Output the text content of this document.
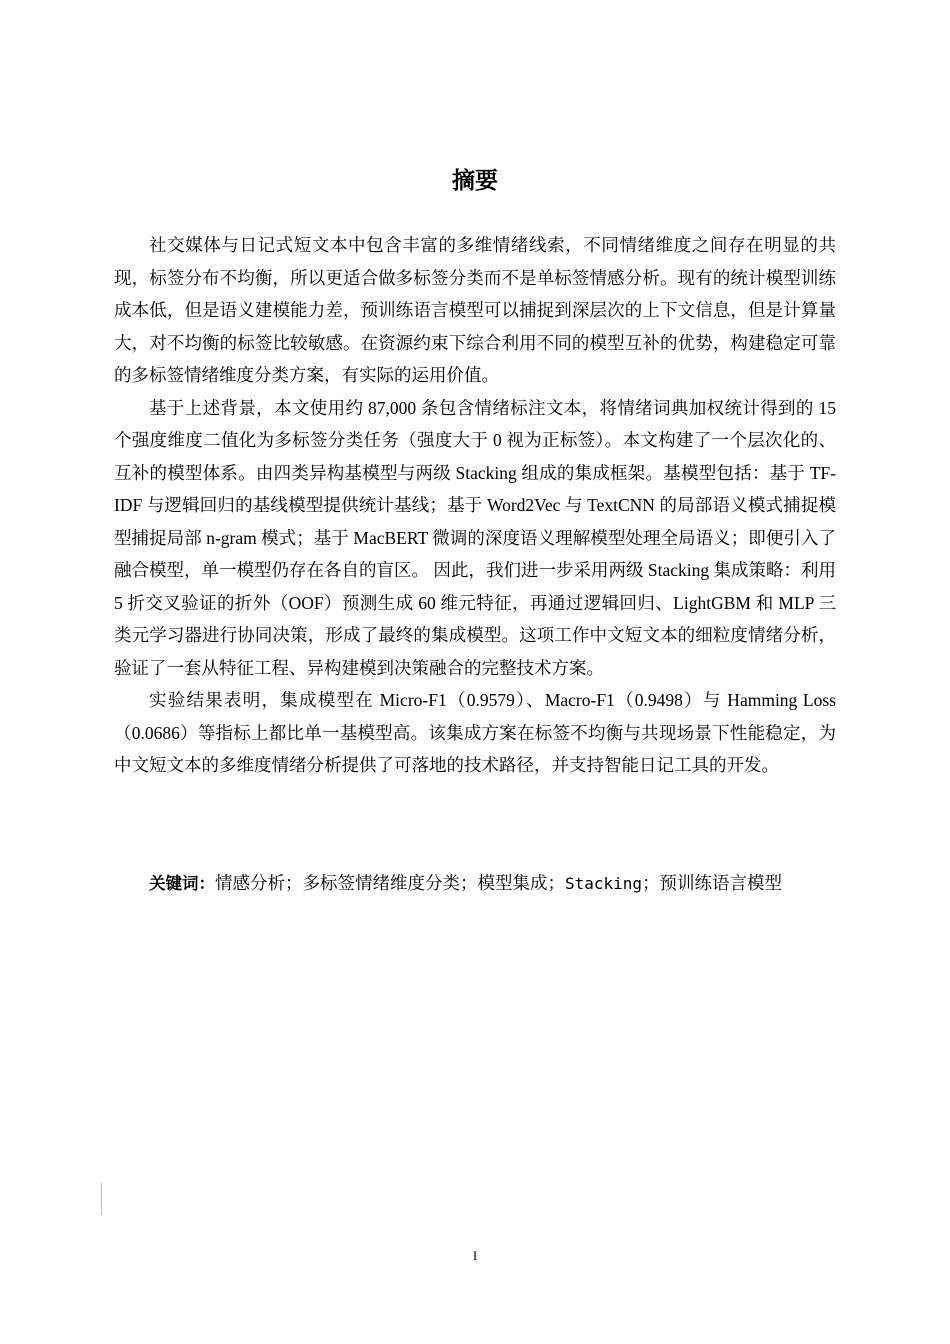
摘要

社交媒体与日记式短文本中包含丰富的多维情绪线索，不同情绪维度之间存在明显的共现，标签分布不均衡，所以更适合做多标签分类而不是单标签情感分析。现有的统计模型训练成本低，但是语义建模能力差，预训练语言模型可以捕捉到深层次的上下文信息，但是计算量大，对不均衡的标签比较敏感。在资源约束下综合利用不同的模型互补的优势，构建稳定可靠的多标签情绪维度分类方案，有实际的运用价值。

基于上述背景，本文使用约 87,000 条包含情绪标注文本，将情绪词典加权统计得到的 15 个强度维度二值化为多标签分类任务（强度大于 0 视为正标签）。本文构建了一个层次化的、互补的模型体系。由四类异构基模型与两级 Stacking 组成的集成框架。基模型包括：基于 TF-IDF 与逻辑回归的基线模型提供统计基线；基于 Word2Vec 与 TextCNN 的局部语义模式捕捉模型捕捉局部 n-gram 模式；基于 MacBERT 微调的深度语义理解模型处理全局语义；即便引入了融合模型，单一模型仍存在各自的盲区。 因此，我们进一步采用两级 Stacking 集成策略：利用 5 折交叉验证的折外（OOF）预测生成 60 维元特征，再通过逻辑回归、LightGBM 和 MLP 三类元学习器进行协同决策，形成了最终的集成模型。这项工作中文短文本的细粒度情绪分析，验证了一套从特征工程、异构建模到决策融合的完整技术方案。

实验结果表明，集成模型在 Micro-F1（0.9579）、Macro-F1（0.9498）与 Hamming Loss（0.0686）等指标上都比单一基模型高。该集成方案在标签不均衡与共现场景下性能稳定，为中文短文本的多维度情绪分析提供了可落地的技术路径，并支持智能日记工具的开发。

关键词：情感分析；多标签情绪维度分类；模型集成；Stacking；预训练语言模型
I
